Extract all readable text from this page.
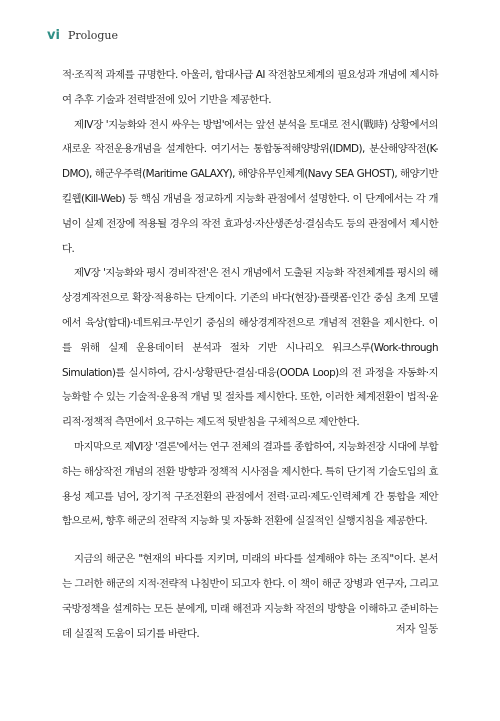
vi Prologue

적·조직적 과제를 규명한다. 아울러, 합대사급 AI 작전참모체계의 필요성과 개념에 제시하여 추후 기술과 전력발전에 있어 기반을 제공한다.

제Ⅳ장 '지능화와 전시 싸우는 방법'에서는 앞선 분석을 토대로 전시(戰時) 상황에서의 새로운 작전운용개념을 설계한다. 여기서는 통합동적해양방위(IDMD), 분산해양작전(K-DMO), 해군우주력(Maritime GALAXY), 해양유무인체계(Navy SEA GHOST), 해양기반 킬웹(Kill-Web) 등 핵심 개념을 정교하게 지능화 관점에서 설명한다. 이 단계에서는 각 개념이 실제 전장에 적용될 경우의 작전 효과성·자산생존성·결심속도 등의 관점에서 제시한다.

제Ⅴ장 '지능화와 평시 경비작전'은 전시 개념에서 도출된 지능화 작전체계를 평시의 해상경계작전으로 확장·적용하는 단계이다. 기존의 바다(현장)·플랫폼·인간 중심 초계 모델에서 육상(합대)·네트워크·무인기 중심의 해상경계작전으로 개념적 전환을 제시한다. 이를 위해 실제 운용데이터 분석과 절차 기반 시나리오 워크스루(Work-through Simulation)를 실시하여, 감시·상황판단·결심·대응(OODA Loop)의 전 과정을 자동화·지능화할 수 있는 기술적·운용적 개념 및 절차를 제시한다. 또한, 이러한 체계전환이 법적·윤리적·정책적 측면에서 요구하는 제도적 뒷받침을 구체적으로 제안한다.

마지막으로 제Ⅵ장 '결론'에서는 연구 전체의 결과를 종합하여, 지능화전장 시대에 부합하는 해상작전 개념의 전환 방향과 정책적 시사점을 제시한다. 특히 단기적 기술도입의 효용성 제고를 넘어, 장기적 구조전환의 관점에서 전력·교리·제도·인력체계 간 통합을 제안함으로써, 향후 해군의 전략적 지능화 및 자동화 전환에 실질적인 실행지침을 제공한다.

지금의 해군은 "현재의 바다를 지키며, 미래의 바다를 설계해야 하는 조직"이다. 본서는 그러한 해군의 지적·전략적 나침반이 되고자 한다. 이 책이 해군 장병과 연구자, 그리고 국방정책을 설계하는 모든 분에게, 미래 해전과 지능화 작전의 방향을 이해하고 준비하는 데 실질적 도움이 되기를 바란다.	저자 일동
